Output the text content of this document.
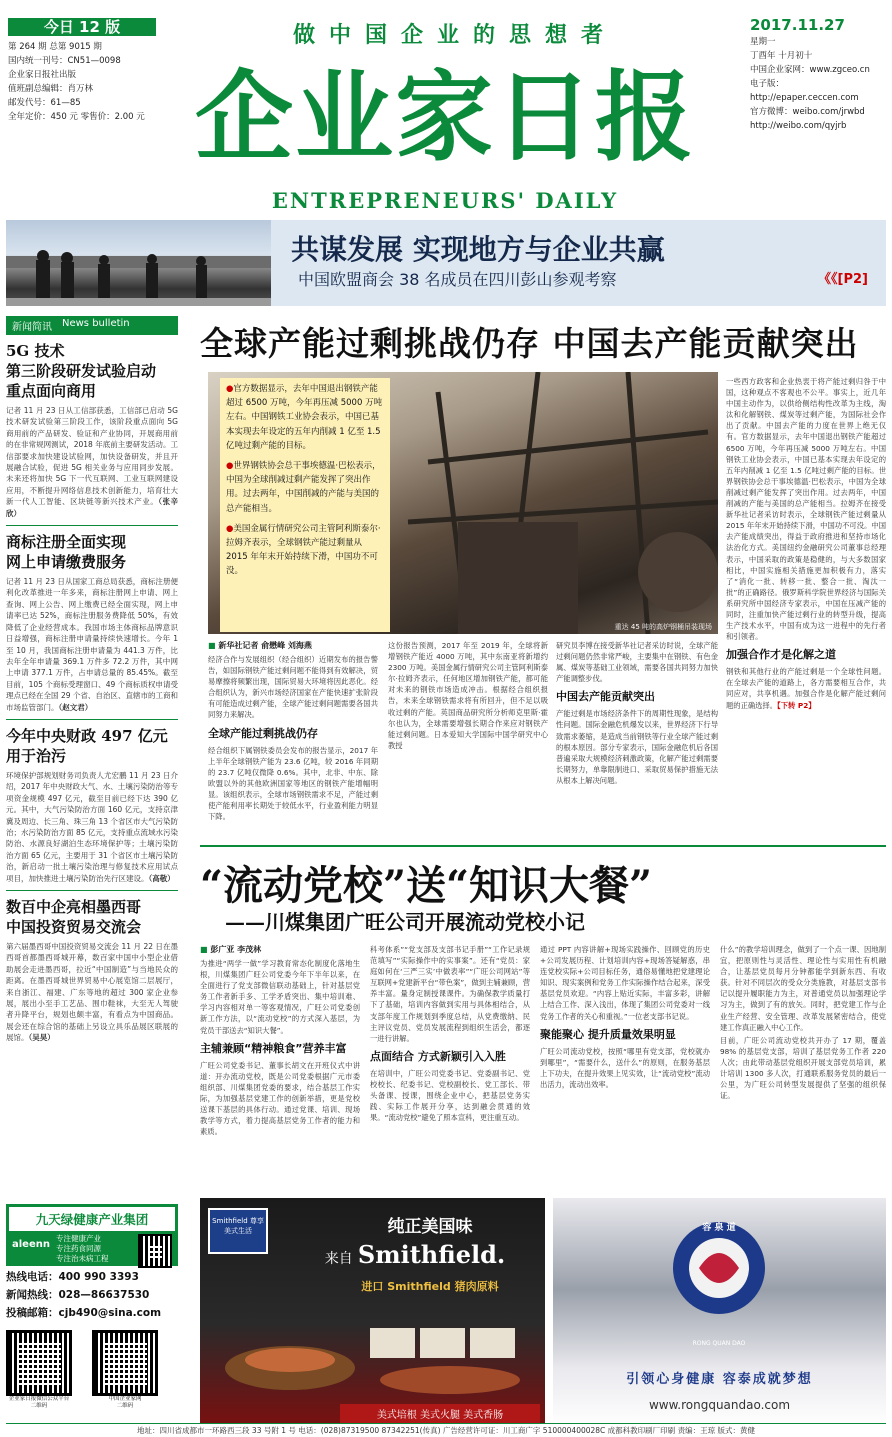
今日 12 版
第 264 期 总第 9015 期
国内统一刊号：CN51—0098
企业家日报社出版
值班副总编辑：肖万林
邮发代号：61—85
全年定价：450 元 零售价：2.00 元
做中国企业的思想者
企业家日报
ENTREPRENEURS' DAILY
2017.11.27
星期一
丁酉年 十月初十
中国企业家网：www.zgceo.cn
电子版：http://epaper.ceccen.com
官方微博：weibo.com/jrwbd
http://weibo.com/qyjrb
共谋发展 实现地方与企业共赢
中国欧盟商会 38 名成员在四川彭山参观考察	《《[P2]
新闻简讯 News bulletin
5G 技术
第三阶段研发试验启动
重点面向商用
记者 11 月 23 日从工信部获悉，工信部已启动 5G 技术研发试验第三阶段工作，该阶段重点面向 5G 商用前的产品研发、验证和产业协同，开展商用前的在非常规网测试，2018 年底前主要研发活动。工信部要求加快建设试验网，加快设备研发，并且开展融合试验，促进 5G 相关业务与应用同步发展。未来还将加快 5G 下一代互联网、工业互联网建设应用，不断提升网络信息技术创新能力，培育壮大新一代人工智能、区块链等新兴技术产业。（张辛欣）
商标注册全面实现
网上申请缴费服务
记者 11 月 23 日从国家工商总局获悉，商标注册便利化改革推进一年多来，商标注册网上申请、网上查询、网上公告、网上缴费已经全面实现，网上申请率已达 52%，商标注册服务费降低 50%，有效降低了企业经营成本。我国市场主体商标品牌意识日益增强，商标注册申请量持续快速增长。今年 1 至 10 月，我国商标注册申请量为 441.3 万件，比去年全年申请量 369.1 万件多 72.2 万件，其中网上申请 377.1 万件，占申请总量的 85.45%。截至目前，105 个商标受理窗口、49 个商标质权申请受理点已经在全国 29 个省、自治区、直辖市的工商和市场监管部门。（赵文君）
今年中央财政 497 亿元
用于治污
环境保护部规划财务司负责人尤宏鹏 11 月 23 日介绍，2017 年中央财政大气、水、土壤污染防治等专项资金规模 497 亿元，截至目前已经下达 390 亿元。其中，大气污染防治方面 160 亿元，支持京津冀及周边、长三角、珠三角 13 个省区市大气污染防治；水污染防治方面 85 亿元，支持重点流域水污染防治、水源良好湖泊生态环境保护等；土壤污染防治方面 65 亿元，主要用于 31 个省区市土壤污染防治，新启动一批土壤污染治理与修复技术应用试点项目，加快推进土壤污染防治先行区建设。（高敬）
数百中企亮相墨西哥
中国投资贸易交流会
第六届墨西哥中国投资贸易交流会 11 月 22 日在墨西哥首都墨西哥城开幕，数百家中国中小型企业借助展会走进墨西哥，拉近“中国制造”与当地民众的距离。在墨西哥城世界贸易中心展览馆二层展厅，来自浙江、福建、广东等地的超过 300 家企业参展，展出小至手工艺品、围巾鞋袜，大至无人驾驶者升降平台，规划也颇丰富，有看点为中国商品。展会还在综合馆的基础上另设立具乐品展区联展的展馆。（吴昊）
九天绿健康产业集团
aleenn
专注健康产业
专注药食同源
专注治未病工程
热线电话：400 990 3393
新闻热线：028—86637530
投稿邮箱：cjb490@sina.com
企业家日报微信公众平台
二维码
中国企业家网
二维码
全球产能过剩挑战仍存 中国去产能贡献突出
重达 45 吨的高炉钢桶吊装现场

●官方数据显示，去年中国退出钢铁产能超过 6500 万吨，今年再压减 5000 万吨左右。中国钢铁工业协会表示，中国已基本实现去年设定的五年内削减 1 亿至 1.5 亿吨过剩产能的目标。

●世界钢铁协会总干事埃德温·巴松表示，中国为全球削减过剩产能发挥了突出作用。过去两年，中国削减的产能与美国的总产能相当。

●美国金属行情研究公司主管阿利斯泰尔·拉姆齐表示，全球钢铁产能过剩量从 2015 年年末开始持续下滑，中国功不可没。

■ 新华社记者 俞懋峰 刘海燕
经济合作与发展组织（经合组织）近期发布的报告警告，如国际钢铁产能过剩问题不能得到有效解决，贸易摩擦将频繁出现，国际贸易大环境将因此恶化。经合组织认为，新兴市场经济国家在产能快速扩张阶段有可能造成过剩产能，全球产能过剩问题需要各国共同努力来解决。
全球产能过剩挑战仍存
经合组织下属钢铁委员会发布的报告显示，2017 年上半年全球钢铁产能为 23.6 亿吨，较 2016 年同期的 23.7 亿吨仅微降 0.6%。其中，北非、中东、除欧盟以外的其他欧洲国家等地区的钢铁产能增幅明显。该组织表示，全球市场钢铁需求不足，产能过剩使产能利用率长期处于较低水平，行业盈利能力明显下降。
这份报告预测，2017 年至 2019 年，全球将新增钢铁产能近 4000 万吨，其中东南亚将新增约 2300 万吨。美国金属行情研究公司主管阿利斯泰尔·拉姆齐表示，任何地区增加钢铁产能，都可能对未来的钢铁市场造成冲击。根据经合组织报告，未来全球钢铁需求将有所回升，但不足以吸收过剩的产能。英国商品研究所分析师克里斯·霍尔也认为，全球需要增强长期合作来应对钢铁产能过剩问题。日本爱知大学国际中国学研究中心教授
研究员李博在接受新华社记者采访时说，全球产能过剩问题仍然非常严峻，主要集中在钢铁、有色金属、煤炭等基础工业领域，需要各国共同努力加快产能调整步伐。
中国去产能贡献突出
产能过剩是市场经济条件下的周期性现象，是结构性问题。国际金融危机爆发以来，世界经济下行导致需求萎缩，是造成当前钢铁等行业全球产能过剩的根本原因。部分专家表示，国际金融危机后各国普遍采取大规模经济刺激政策，化解产能过剩需要长期努力，单靠限制进口、采取贸易保护措施无法从根本上解决问题。
一些西方政客和企业热衷于将产能过剩归咎于中国，这种观点不客观也不公平。事实上，近几年中国主动作为，以供给侧结构性改革为主线，淘汰和化解钢铁、煤炭等过剩产能，为国际社会作出了贡献。中国去产能的力度在世界上绝无仅有。官方数据显示，去年中国退出钢铁产能超过 6500 万吨，今年再压减 5000 万吨左右。中国钢铁工业协会表示，中国已基本实现去年设定的五年内削减 1 亿至 1.5 亿吨过剩产能的目标。世界钢铁协会总干事埃德温·巴松表示，中国为全球削减过剩产能发挥了突出作用。过去两年，中国削减的产能与美国的总产能相当。拉姆齐在接受新华社记者采访时表示，全球钢铁产能过剩量从 2015 年年末开始持续下滑，中国功不可没。中国去产能成绩突出，得益于政府推进和坚持市场化法治化方式。美国纽约金融研究公司董事总经理表示，中国采取的政策是稳健的，与大多数国家相比，中国实施相关措施更加积极有力，落实了“消化一批、转移一批、整合一批、淘汰一批”的正确路径。俄罗斯科学院世界经济与国际关系研究所中国经济专家表示，中国在压减产能的同时，注重加快产能过剩行业的转型升级，提高生产技术水平，中国有成为这一进程中的先行者和引领者。
加强合作才是化解之道
钢铁和其他行业的产能过剩是一个全球性问题。在全球去产能的道路上，各方需要相互合作，共同应对，共享机遇。加强合作是化解产能过剩问题的正确选择。【下转 P2】
“流动党校”送“知识大餐”
——川煤集团广旺公司开展流动党校小记
■ 彭广亚 李茂林
为推进“两学一做”学习教育常态化制度化落地生根，川煤集团广旺公司党委今年下半年以来，在全面进行了党支部微信联动基础上，针对基层党务工作者新手多、工学矛盾突出、集中培训难、学习内容相对单一等客观情况，广旺公司党委创新工作方法，以“流动党校”的方式深入基层，为党员干部送去“知识大餐”。
主辅兼顾“精神粮食”营养丰富
广旺公司党委书记、董事长胡文在开班仪式中讲道：开办流动党校，既是公司党委根据广元市委组织部、川煤集团党委的要求，结合基层工作实际，为加强基层党建工作的创新举措，更是党校送课下基层的具体行动。通过党课、培训、现场教学等方式，着力提高基层党务工作者的能力和素质。
科考体系”“党支部及支部书记手册”“工作记录规范填写”“实际操作中的实事案”。还有“党员：家庭如何在‘三严三实’中做表率”“广旺公司网站”等互联网+党建新平台“带色案”，做到主辅兼顾，营养丰富。量身定制授课课件。为确保教学质量打下了基础，培训内容做到实用与具体相结合，从支部年度工作规划到季度总结，从党费缴纳、民主评议党员、党员发展流程到组织生活会，都逐一进行讲解。
点面结合 方式新颖引入入胜
在培训中，广旺公司党委书记、党委副书记、党校校长、纪委书记、党校副校长、党工部长、带头备课、授课，围绕企业中心，把基层党务实践、实际工作展开分享，达到融会贯通的效果。“流动党校”避免了照本宣科，更注重互动。
通过 PPT 内容讲解+现场实践操作、回顾党的历史+公司发展历程、计划培训内容+现场答疑解惑，串连党校实际+公司目标任务，通俗易懂地把党建理论知识、现实案例和党务工作实际操作结合起来，深受基层党员欢迎。“内容上贴近实际，丰富多彩，讲解上结合工作、深入浅出，体现了集团公司党委对一线党务工作者的关心和重视。”一位老支部书记说。
聚能聚心 提升质量效果明显
广旺公司流动党校，按照“哪里有党支部，党校就办到哪里”，“需要什么，送什么”的原则，在服务基层上下功夫，在提升效果上见实效，让“流动党校”流动出活力，流动出效率。
什么”的教学培训理念，做到了一个点一课、因地制宜，把原则性与灵活性、理论性与实用性有机融合，让基层党员每月分钟都能学到新东西、有收获。针对不同层次的受众分类施教，对基层支部书记以提升履职能力为主，对普通党员以加强理论学习为主，做到了有的放矢。同时，把党建工作与企业生产经营、安全管理、改革发展紧密结合，使党建工作真正融入中心工作。
目前，广旺公司流动党校共开办了 17 期，覆盖 98% 的基层党支部，培训了基层党务工作者 220 人次；由此带动基层党组织开展支部党员培训，累计培训 1300 多人次，打通联系服务党员的最后一公里，为广旺公司转型发展提供了坚强的组织保证。
Smithfield 尊享美式生活	纯正美国味
来自 Smithfield.
进口 Smithfield 猪肉原料
美式培根 美式火腿 美式香肠
容 泉 道
RONG QUAN DAO
引领心身健康 容泰成就梦想
www.rongquandao.com
地址：四川省成都市一环路西三段 33 号附 1 号 电话：(028)87319500 87342251(传真) 广告经营许可证：川工商广字 510000400028C 成都科教印刷厂印刷 责编：王琼 版式：黄健
